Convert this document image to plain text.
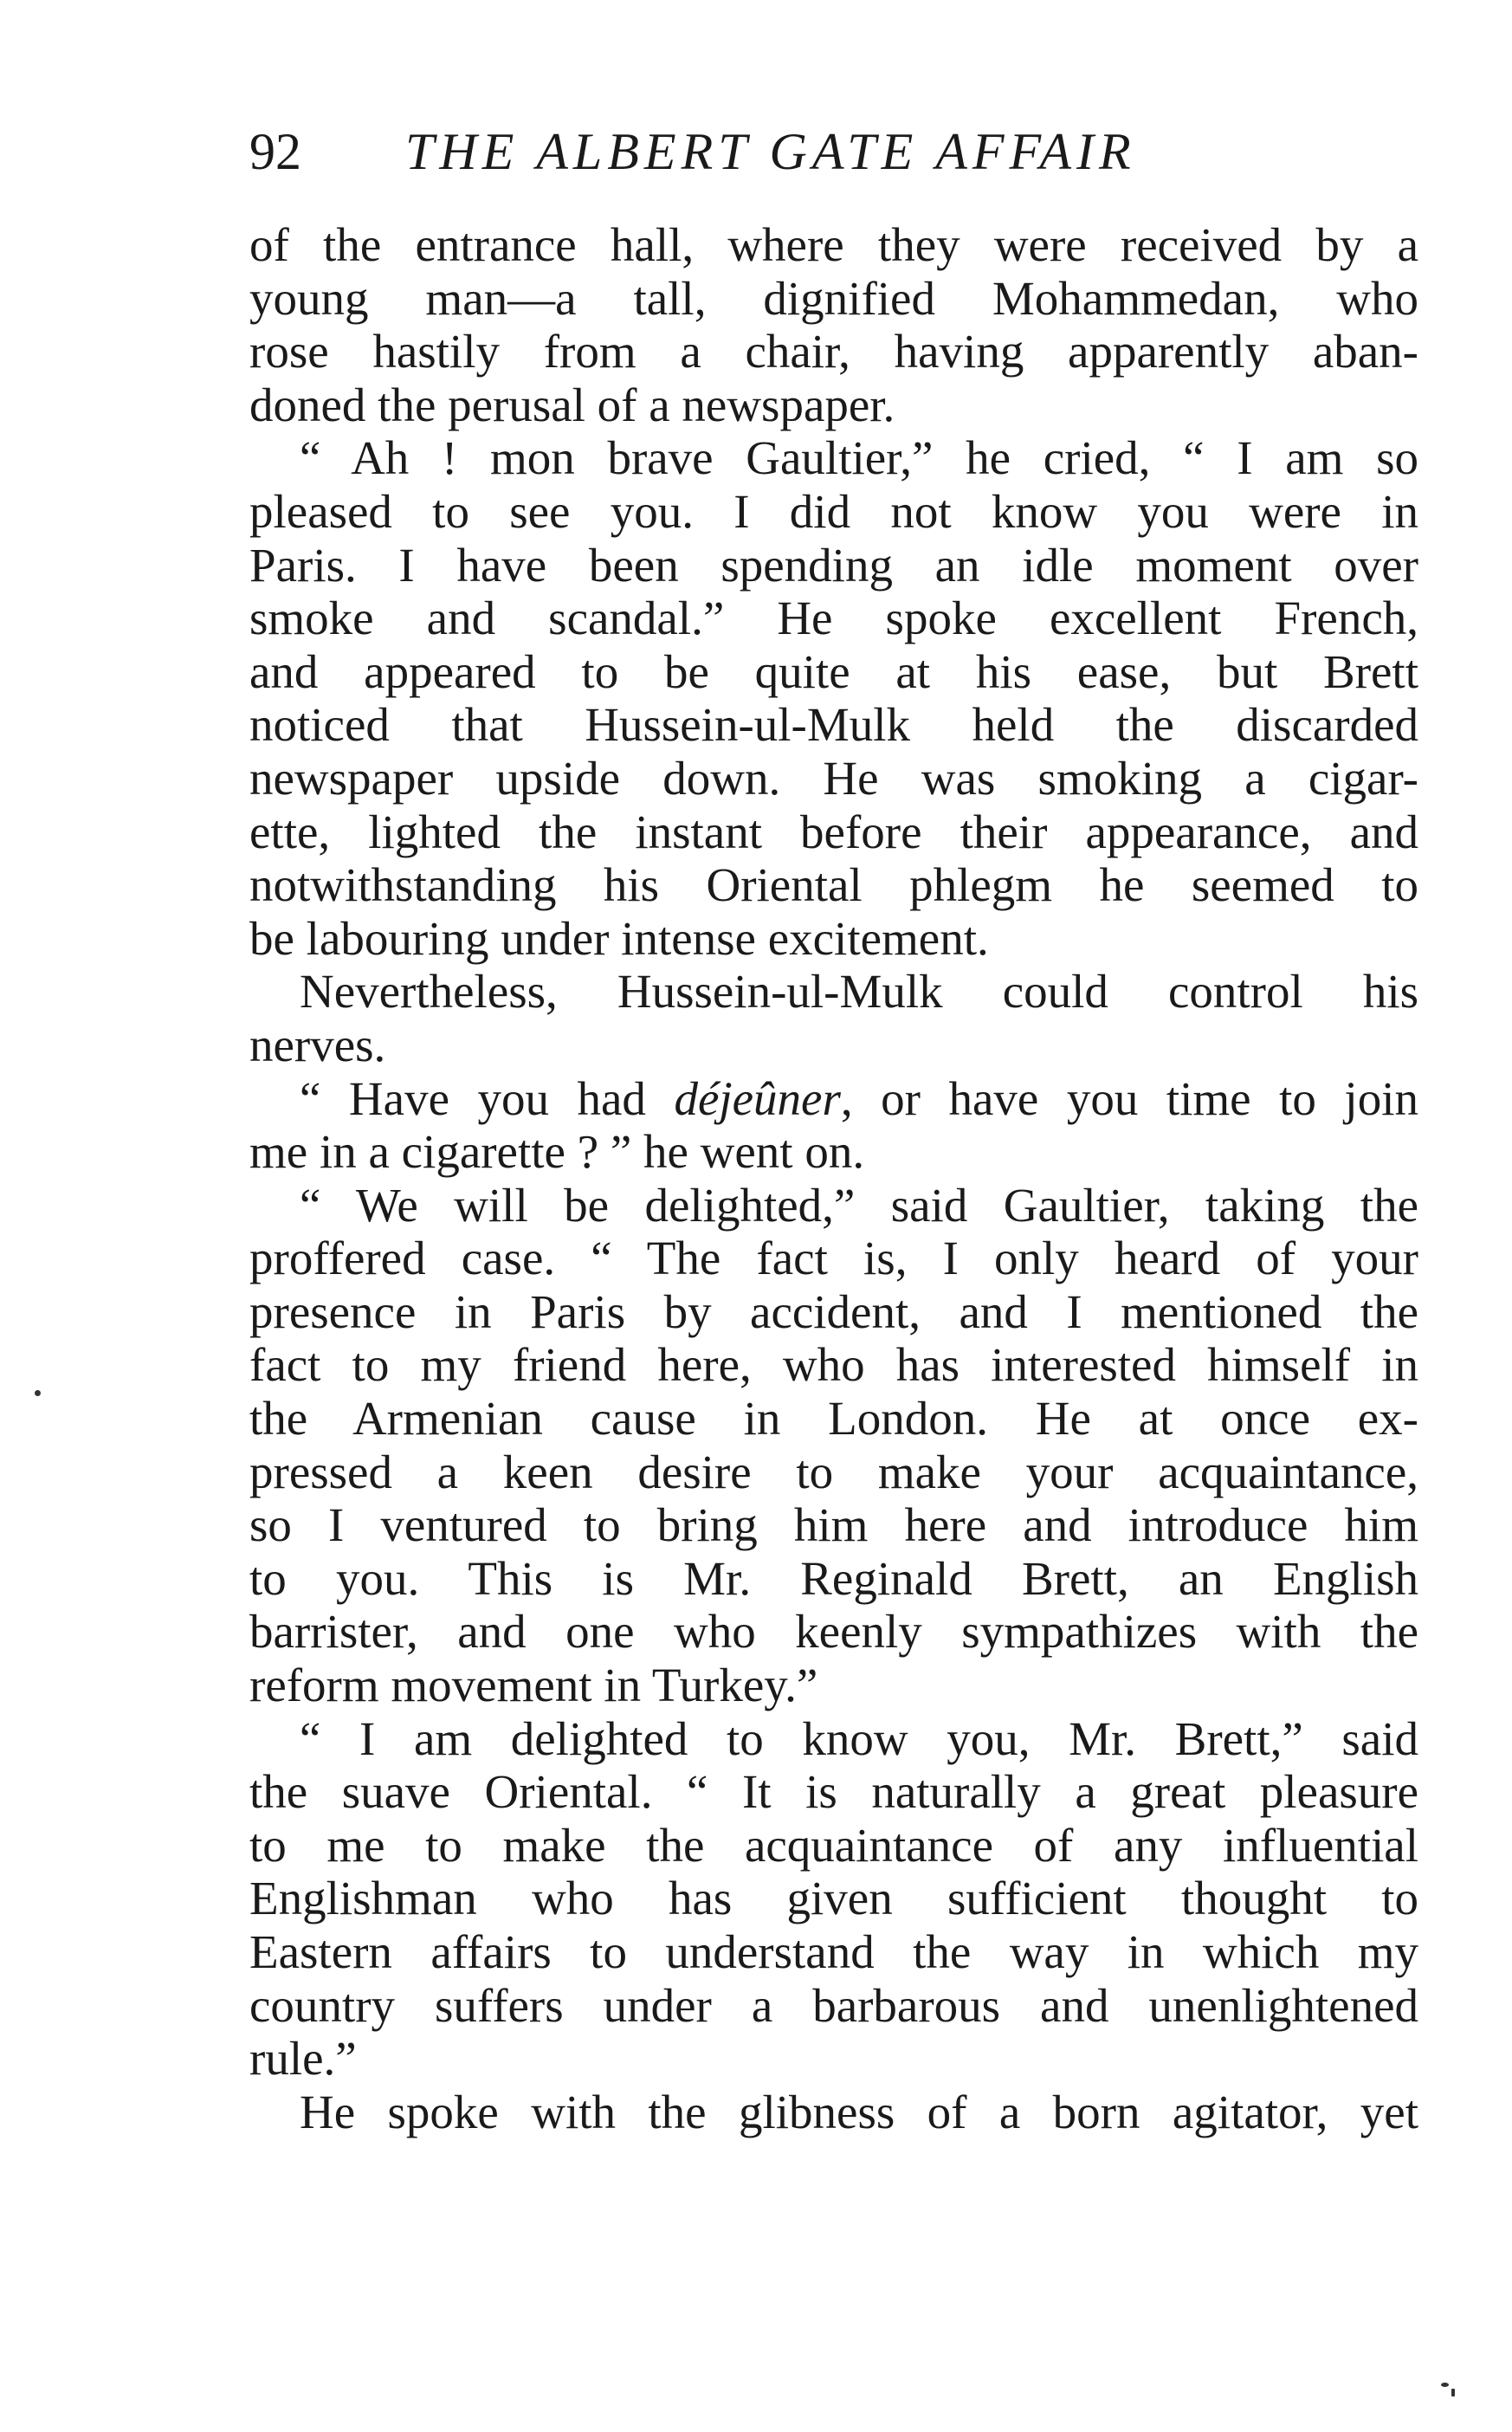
92 THE ALBERT GATE AFFAIR
of the entrance hall, where they were received by a
young man—a tall, dignified Mohammedan, who
rose hastily from a chair, having apparently aban-
doned the perusal of a newspaper.
“ Ah ! mon brave Gaultier,” he cried, “ I am so
pleased to see you. I did not know you were in
Paris. I have been spending an idle moment over
smoke and scandal.” He spoke excellent French,
and appeared to be quite at his ease, but Brett
noticed that Hussein-ul-Mulk held the discarded
newspaper upside down. He was smoking a cigar-
ette, lighted the instant before their appearance, and
notwithstanding his Oriental phlegm he seemed to
be labouring under intense excitement.
Nevertheless, Hussein-ul-Mulk could control his
nerves.
“ Have you had déjeûner, or have you time to join
me in a cigarette ? ” he went on.
“ We will be delighted,” said Gaultier, taking the
proffered case. “ The fact is, I only heard of your
presence in Paris by accident, and I mentioned the
fact to my friend here, who has interested himself in
the Armenian cause in London. He at once ex-
pressed a keen desire to make your acquaintance,
so I ventured to bring him here and introduce him
to you. This is Mr. Reginald Brett, an English
barrister, and one who keenly sympathizes with the
reform movement in Turkey.”
“ I am delighted to know you, Mr. Brett,” said
the suave Oriental. “ It is naturally a great pleasure
to me to make the acquaintance of any influential
Englishman who has given sufficient thought to
Eastern affairs to understand the way in which my
country suffers under a barbarous and unenlightened
rule.”
He spoke with the glibness of a born agitator, yet
